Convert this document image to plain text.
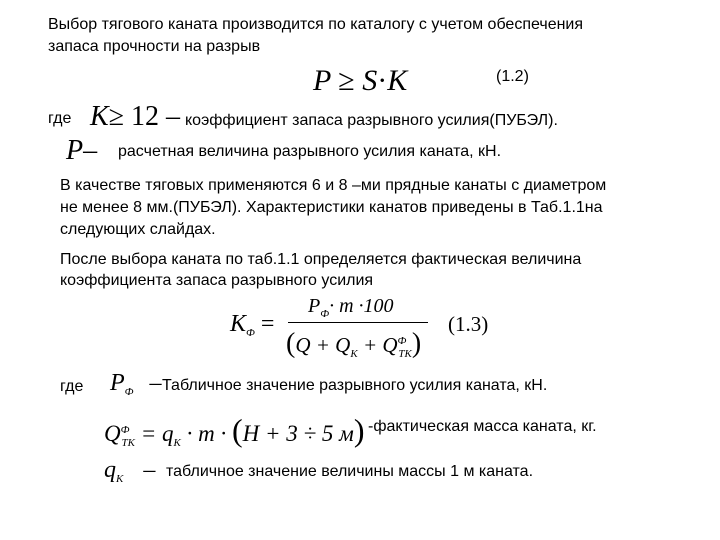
Выбор тягового каната производится по каталогу с учетом обеспечения
запаса прочности на разрыв
P ≥ S·K	(1.2)
где K≥ 12 – коэффициент запаса разрывного усилия(ПУБЭЛ).
P– расчетная величина разрывного усилия каната, кН.
В качестве тяговых применяются 6 и 8 –ми прядные канаты с диаметром
не менее 8 мм.(ПУБЭЛ). Характеристики канатов приведены в Таб.1.1на
следующих слайдах.
После выбора каната по таб.1.1 определяется фактическая величина
коэффициента запаса разрывного усилия
$K_Ф$ =
$P_Ф\cdot m \cdot 100$
$(Q + Q_K + Q^Ф_{TK})$
(1.3)
где $P_Ф$ – Табличное значение разрывного усилия каната, кН.
$Q^Ф_{TK} = q_K \cdot m \cdot (H + 3 \div 5$ м) -фактическая масса каната, кг.
$q_K$ – табличное значение величины массы 1 м каната.
